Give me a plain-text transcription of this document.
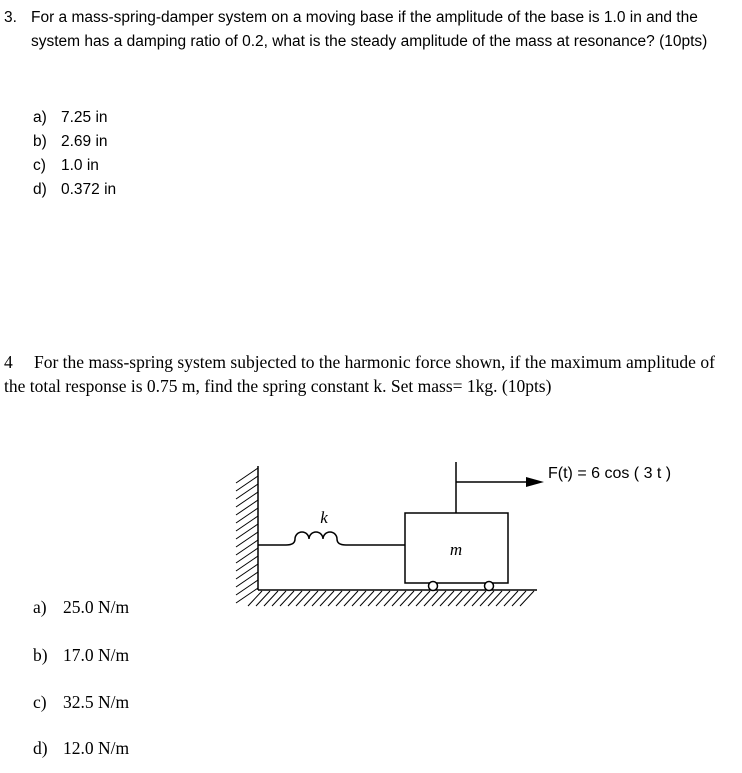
3. For a mass-spring-damper system on a moving base if the amplitude of the base is 1.0 in and the system has a damping ratio of 0.2, what is the steady amplitude of the mass at resonance? (10pts)
a) 7.25 in
b) 2.69 in
c) 1.0 in
d) 0.372 in
4 For the mass-spring system subjected to the harmonic force shown, if the maximum amplitude of the total response is 0.75 m, find the spring constant k. Set mass= 1kg. (10pts)
k
m
F(t) = 6 cos ( 3 t )
a) 25.0 N/m
b) 17.0 N/m
c) 32.5 N/m
d) 12.0 N/m
